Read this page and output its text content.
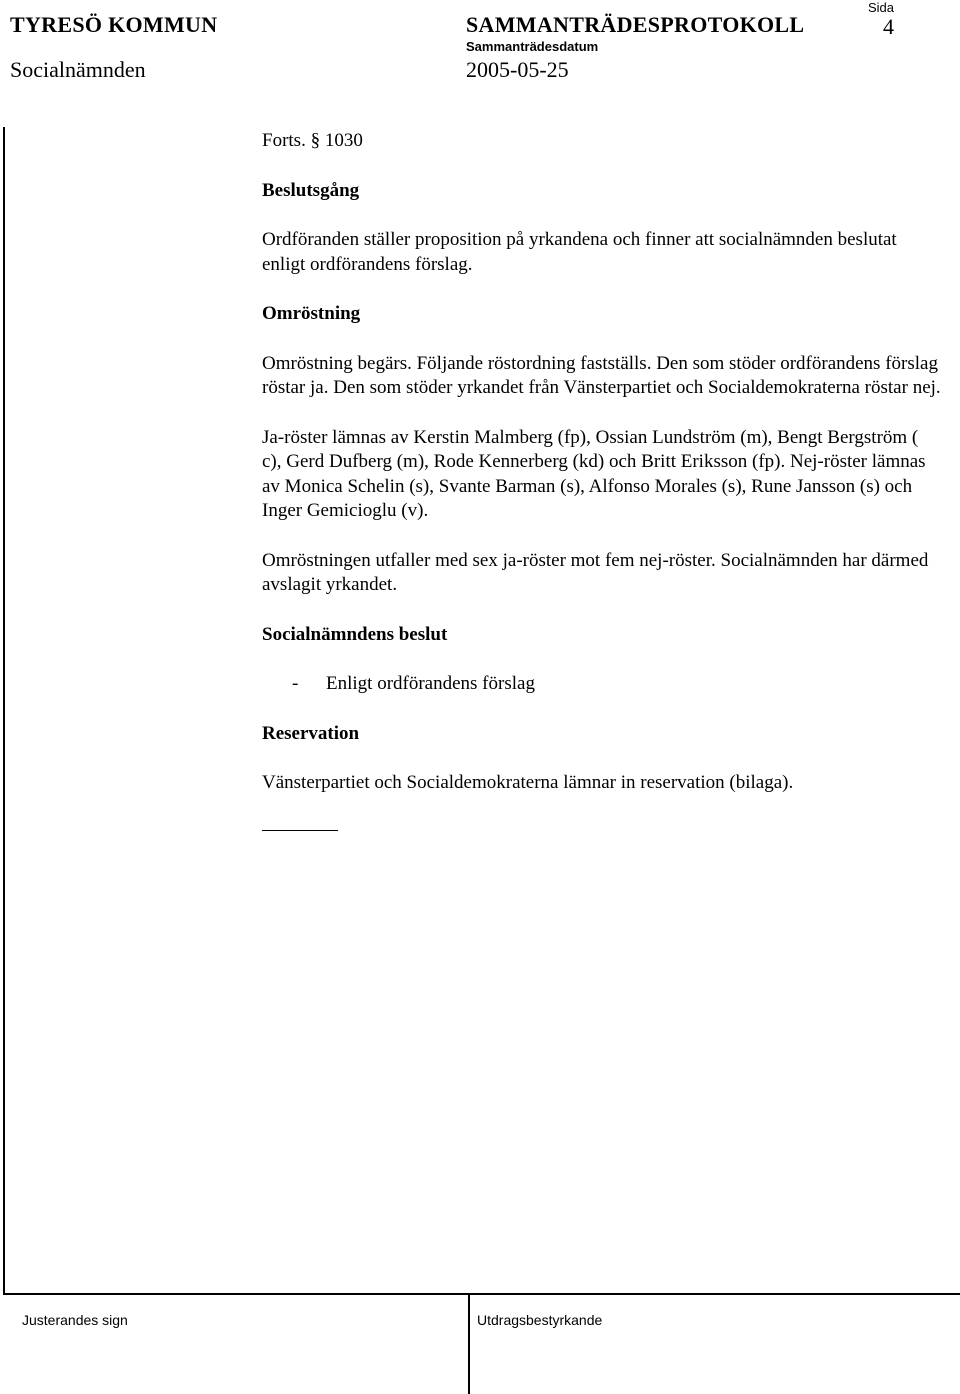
TYRESÖ KOMMUN	SAMMANTRÄDESPROTOKOLL
Sida
4
Sammanträdesdatum
Socialnämnden	2005-05-25

Forts. § 1030

Beslutsgång

Ordföranden ställer proposition på yrkandena och finner att socialnämnden beslutat enligt ordförandens förslag.

Omröstning

Omröstning begärs. Följande röstordning fastställs. Den som stöder ordförandens förslag röstar ja. Den som stöder yrkandet från Vänsterpartiet och Socialdemokraterna röstar nej.

Ja-röster lämnas av Kerstin Malmberg (fp), Ossian Lundström (m), Bengt Bergström ( c), Gerd Dufberg (m), Rode Kennerberg (kd) och Britt Eriksson (fp). Nej-röster lämnas av Monica Schelin (s), Svante Barman (s), Alfonso Morales (s), Rune Jansson (s) och Inger Gemicioglu (v).

Omröstningen utfaller med sex ja-röster mot fem nej-röster. Socialnämnden har därmed avslagit yrkandet.

Socialnämndens beslut

- Enligt ordförandens förslag

Reservation

Vänsterpartiet och Socialdemokraterna lämnar in reservation (bilaga).

Justerandes sign	Utdragsbestyrkande
